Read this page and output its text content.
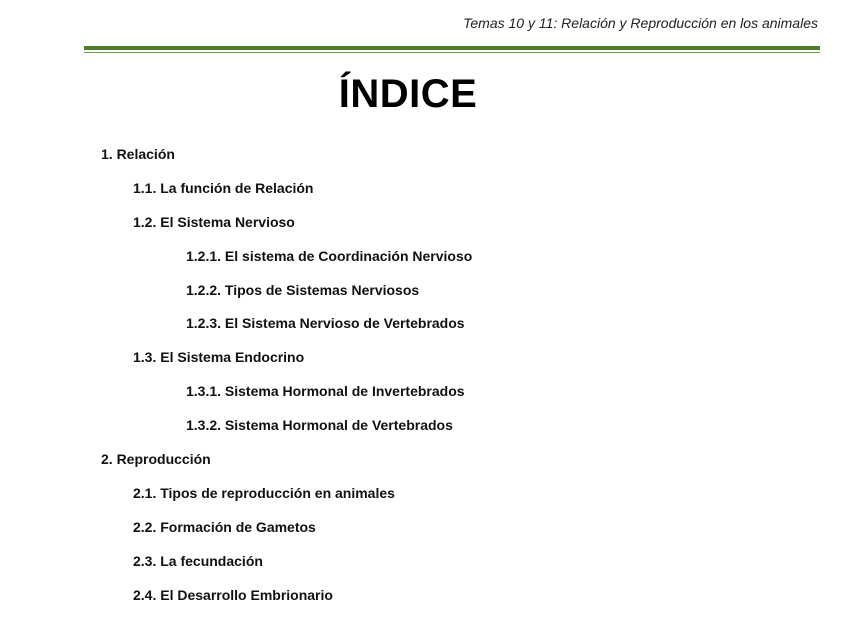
Temas 10 y 11: Relación y Reproducción en los animales
ÍNDICE
1. Relación
1.1. La función de Relación
1.2. El Sistema Nervioso
1.2.1. El sistema de Coordinación Nervioso
1.2.2. Tipos de Sistemas Nerviosos
1.2.3. El Sistema Nervioso de Vertebrados
1.3. El Sistema Endocrino
1.3.1. Sistema Hormonal de Invertebrados
1.3.2. Sistema Hormonal de Vertebrados
2. Reproducción
2.1. Tipos de reproducción en animales
2.2. Formación de Gametos
2.3. La fecundación
2.4. El Desarrollo Embrionario
